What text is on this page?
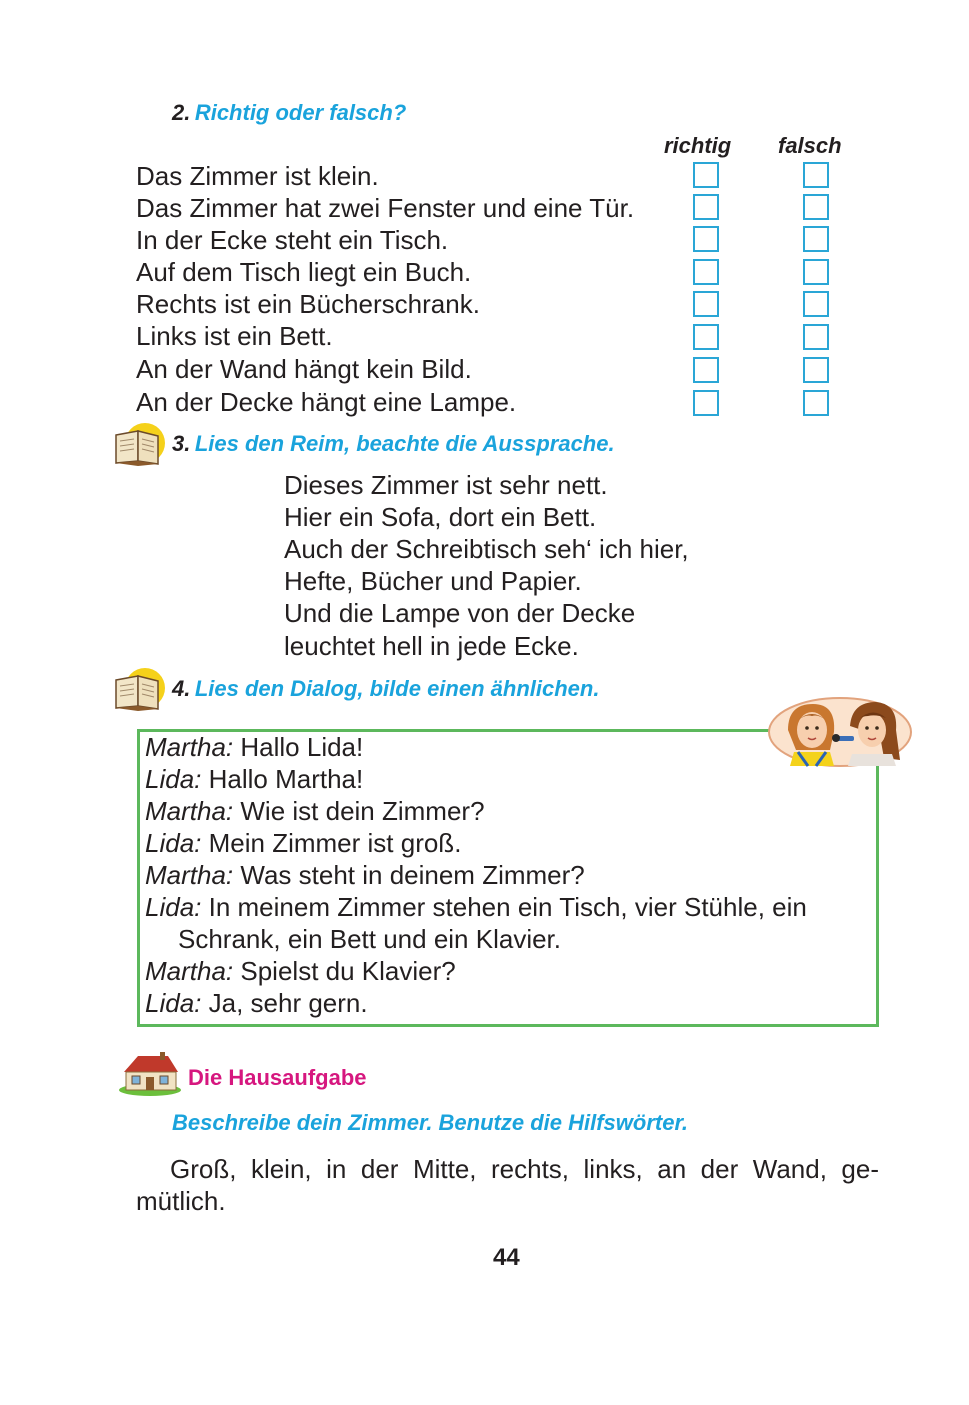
2. Richtig oder falsch?
richtig falsch
Das Zimmer ist klein.
Das Zimmer hat zwei Fenster und eine Tür.
In der Ecke steht ein Tisch.
Auf dem Tisch liegt ein Buch.
Rechts ist ein Bücherschrank.
Links ist ein Bett.
An der Wand hängt kein Bild.
An der Decke hängt eine Lampe.
3. Lies den Reim, beachte die Aussprache.
Dieses Zimmer ist sehr nett.
Hier ein Sofa, dort ein Bett.
Auch der Schreibtisch seh‘ ich hier,
Hefte, Bücher und Papier.
Und die Lampe von der Decke
leuchtet hell in jede Ecke.
4. Lies den Dialog, bilde einen ähnlichen.
Martha: Hallo Lida!
Lida: Hallo Martha!
Martha: Wie ist dein Zimmer?
Lida: Mein Zimmer ist groß.
Martha: Was steht in deinem Zimmer?
Lida: In meinem Zimmer stehen ein Tisch, vier Stühle, ein
Schrank, ein Bett und ein Klavier.
Martha: Spielst du Klavier?
Lida: Ja, sehr gern.
Die Hausaufgabe
Beschreibe dein Zimmer. Benutze die Hilfswörter.
Groß, klein, in der Mitte, rechts, links, an der Wand, ge-
mütlich.
44
